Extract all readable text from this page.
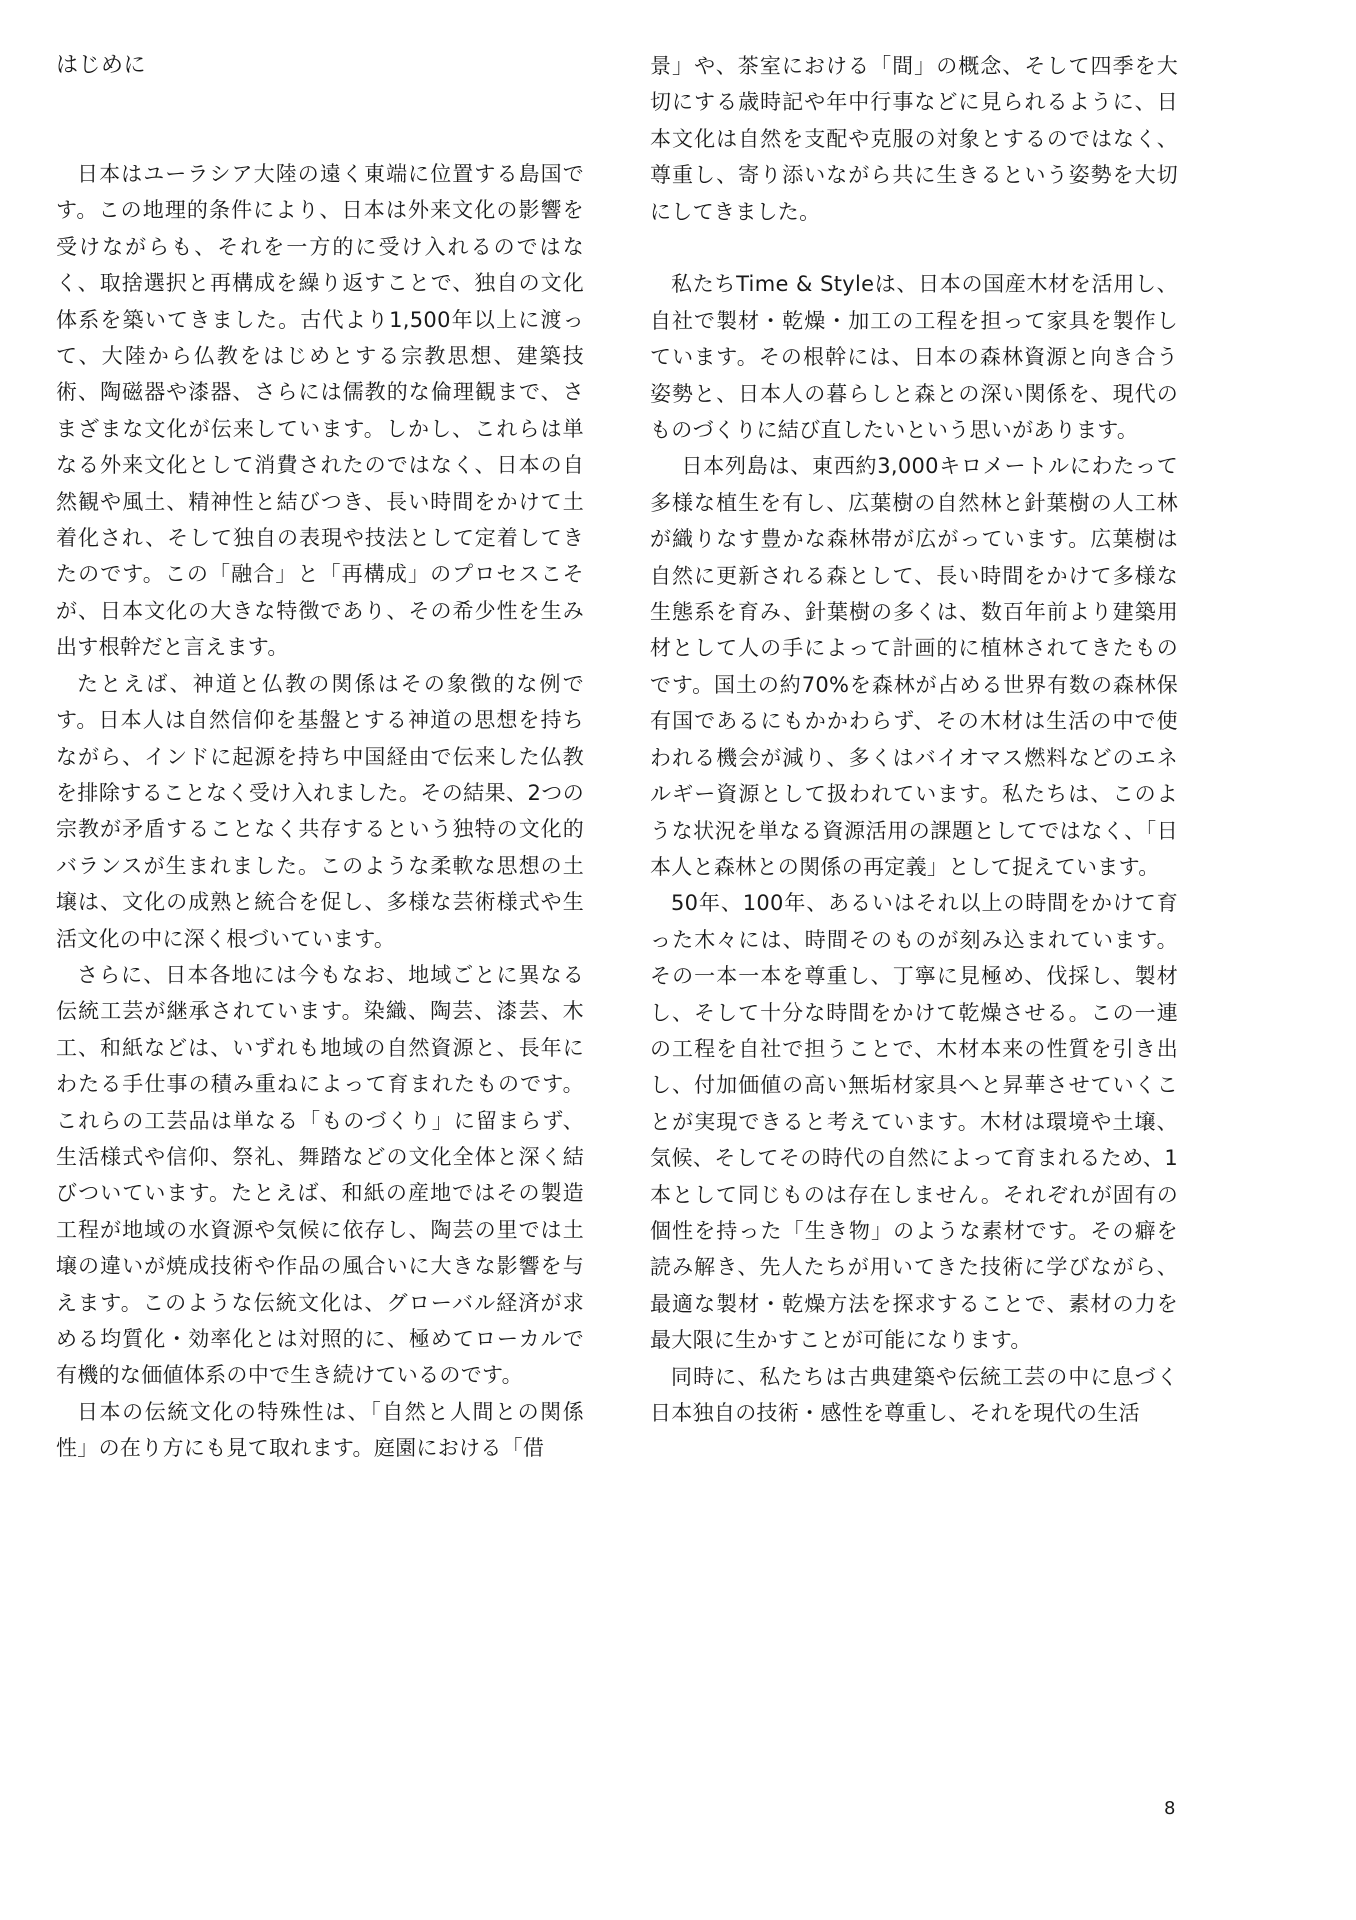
はじめに

日本はユーラシア大陸の遠く東端に位置する島国です。この地理的条件により、日本は外来文化の影響を受けながらも、それを一方的に受け入れるのではなく、取捨選択と再構成を繰り返すことで、独自の文化体系を築いてきました。古代より1,500年以上に渡って、大陸から仏教をはじめとする宗教思想、建築技術、陶磁器や漆器、さらには儒教的な倫理観まで、さまざまな文化が伝来しています。しかし、これらは単なる外来文化として消費されたのではなく、日本の自然観や風土、精神性と結びつき、長い時間をかけて土着化され、そして独自の表現や技法として定着してきたのです。この「融合」と「再構成」のプロセスこそが、日本文化の大きな特徴であり、その希少性を生み出す根幹だと言えます。

たとえば、神道と仏教の関係はその象徴的な例です。日本人は自然信仰を基盤とする神道の思想を持ちながら、インドに起源を持ち中国経由で伝来した仏教を排除することなく受け入れました。その結果、2つの宗教が矛盾することなく共存するという独特の文化的バランスが生まれました。このような柔軟な思想の土壌は、文化の成熟と統合を促し、多様な芸術様式や生活文化の中に深く根づいています。

さらに、日本各地には今もなお、地域ごとに異なる伝統工芸が継承されています。染織、陶芸、漆芸、木工、和紙などは、いずれも地域の自然資源と、長年にわたる手仕事の積み重ねによって育まれたものです。これらの工芸品は単なる「ものづくり」に留まらず、生活様式や信仰、祭礼、舞踏などの文化全体と深く結びついています。たとえば、和紙の産地ではその製造工程が地域の水資源や気候に依存し、陶芸の里では土壌の違いが焼成技術や作品の風合いに大きな影響を与えます。このような伝統文化は、グローバル経済が求める均質化・効率化とは対照的に、極めてローカルで有機的な価値体系の中で生き続けているのです。

日本の伝統文化の特殊性は、「自然と人間との関係性」の在り方にも見て取れます。庭園における「借

景」や、茶室における「間」の概念、そして四季を大切にする歳時記や年中行事などに見られるように、日本文化は自然を支配や克服の対象とするのではなく、尊重し、寄り添いながら共に生きるという姿勢を大切にしてきました。

私たちTime & Styleは、日本の国産木材を活用し、自社で製材・乾燥・加工の工程を担って家具を製作しています。その根幹には、日本の森林資源と向き合う姿勢と、日本人の暮らしと森との深い関係を、現代のものづくりに結び直したいという思いがあります。

日本列島は、東西約3,000キロメートルにわたって多様な植生を有し、広葉樹の自然林と針葉樹の人工林が織りなす豊かな森林帯が広がっています。広葉樹は自然に更新される森として、長い時間をかけて多様な生態系を育み、針葉樹の多くは、数百年前より建築用材として人の手によって計画的に植林されてきたものです。国土の約70%を森林が占める世界有数の森林保有国であるにもかかわらず、その木材は生活の中で使われる機会が減り、多くはバイオマス燃料などのエネルギー資源として扱われています。私たちは、このような状況を単なる資源活用の課題としてではなく、「日本人と森林との関係の再定義」として捉えています。

50年、100年、あるいはそれ以上の時間をかけて育った木々には、時間そのものが刻み込まれています。その一本一本を尊重し、丁寧に見極め、伐採し、製材し、そして十分な時間をかけて乾燥させる。この一連の工程を自社で担うことで、木材本来の性質を引き出し、付加価値の高い無垢材家具へと昇華させていくことが実現できると考えています。木材は環境や土壌、気候、そしてその時代の自然によって育まれるため、1本として同じものは存在しません。それぞれが固有の個性を持った「生き物」のような素材です。その癖を読み解き、先人たちが用いてきた技術に学びながら、最適な製材・乾燥方法を探求することで、素材の力を最大限に生かすことが可能になります。

同時に、私たちは古典建築や伝統工芸の中に息づく日本独自の技術・感性を尊重し、それを現代の生活

8
